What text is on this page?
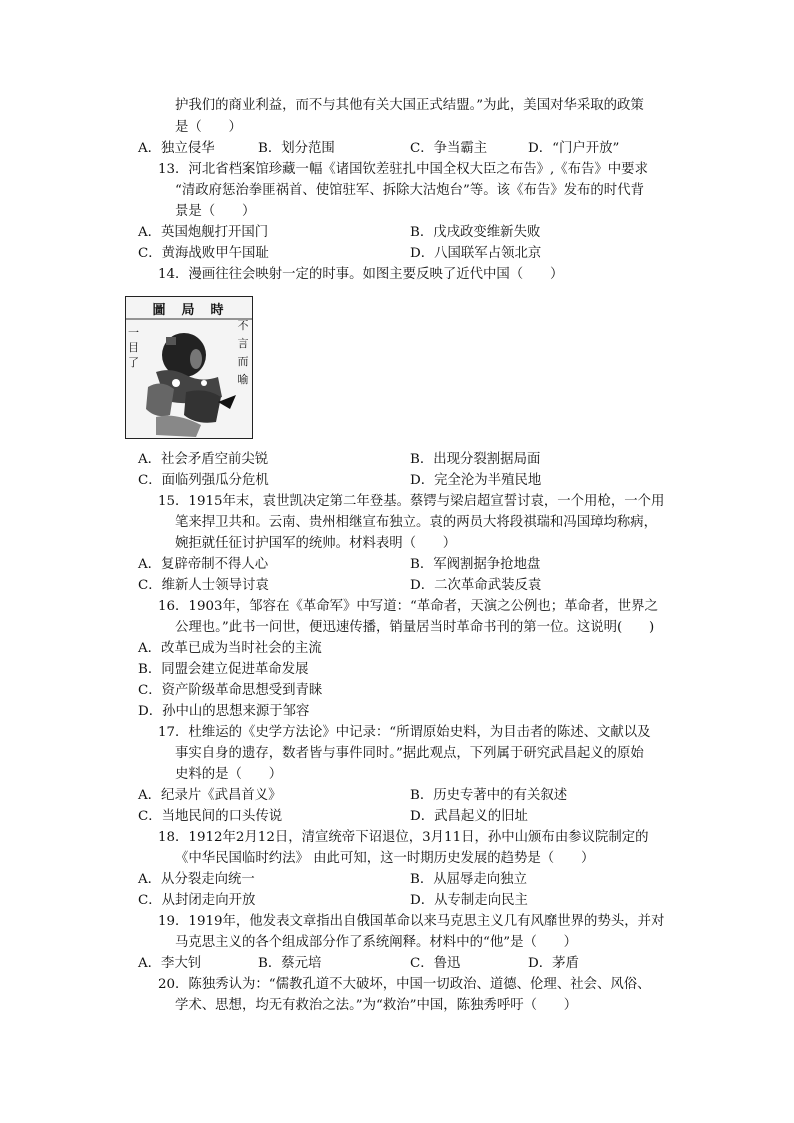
护我们的商业利益，而不与其他有关大国正式结盟。”为此，美国对华采取的政策
是（　　）
A．独立侵华	B．划分范围	C．争当霸主	D．“门户开放”
13．河北省档案馆珍藏一幅《诸国钦差驻扎中国全权大臣之布告》,《布告》中要求
“清政府惩治拳匪祸首、使馆驻军、拆除大沽炮台”等。该《布告》发布的时代背
景是（　　）
A．英国炮舰打开国门	B．戊戌政变维新失败
C．黄海战败甲午国耻	D．八国联军占领北京
14．漫画往往会映射一定的时事。如图主要反映了近代中国（　　）
圖局時
一目了
不言而喻
A．社会矛盾空前尖锐	B．出现分裂割据局面
C．面临列强瓜分危机	D．完全沦为半殖民地
15．1915年末，袁世凯决定第二年登基。蔡锷与梁启超宣誓讨袁，一个用枪，一个用
笔来捍卫共和。云南、贵州相继宣布独立。袁的两员大将段祺瑞和冯国璋均称病，
婉拒就任征讨护国军的统帅。材料表明（　　）
A．复辟帝制不得人心	B．军阀割据争抢地盘
C．维新人士领导讨袁	D．二次革命武装反袁
16．1903年，邹容在《革命军》中写道：“革命者，天演之公例也；革命者，世界之
公理也。”此书一问世，便迅速传播，销量居当时革命书刊的第一位。这说明(　　)
A．改革已成为当时社会的主流
B．同盟会建立促进革命发展
C．资产阶级革命思想受到青睐
D．孙中山的思想来源于邹容
17．杜维运的《史学方法论》中记录：“所谓原始史料，为目击者的陈述、文献以及
事实自身的遗存，数者皆与事件同时。”据此观点，下列属于研究武昌起义的原始
史料的是（　　）
A．纪录片《武昌首义》	B．历史专著中的有关叙述
C．当地民间的口头传说	D．武昌起义的旧址
18．1912年2月12日，清宣统帝下诏退位，3月11日，孙中山颁布由参议院制定的
《中华民国临时约法》 由此可知，这一时期历史发展的趋势是（　　）
A．从分裂走向统一	B．从屈辱走向独立
C．从封闭走向开放	D．从专制走向民主
19．1919年，他发表文章指出自俄国革命以来马克思主义几有风靡世界的势头，并对
马克思主义的各个组成部分作了系统阐释。材料中的“他”是（　　）
A．李大钊	B．蔡元培	C．鲁迅	D．茅盾
20．陈独秀认为：“儒教孔道不大破坏，中国一切政治、道德、伦理、社会、风俗、
学术、思想，均无有救治之法。”为“救治”中国，陈独秀呼吁（　　）
